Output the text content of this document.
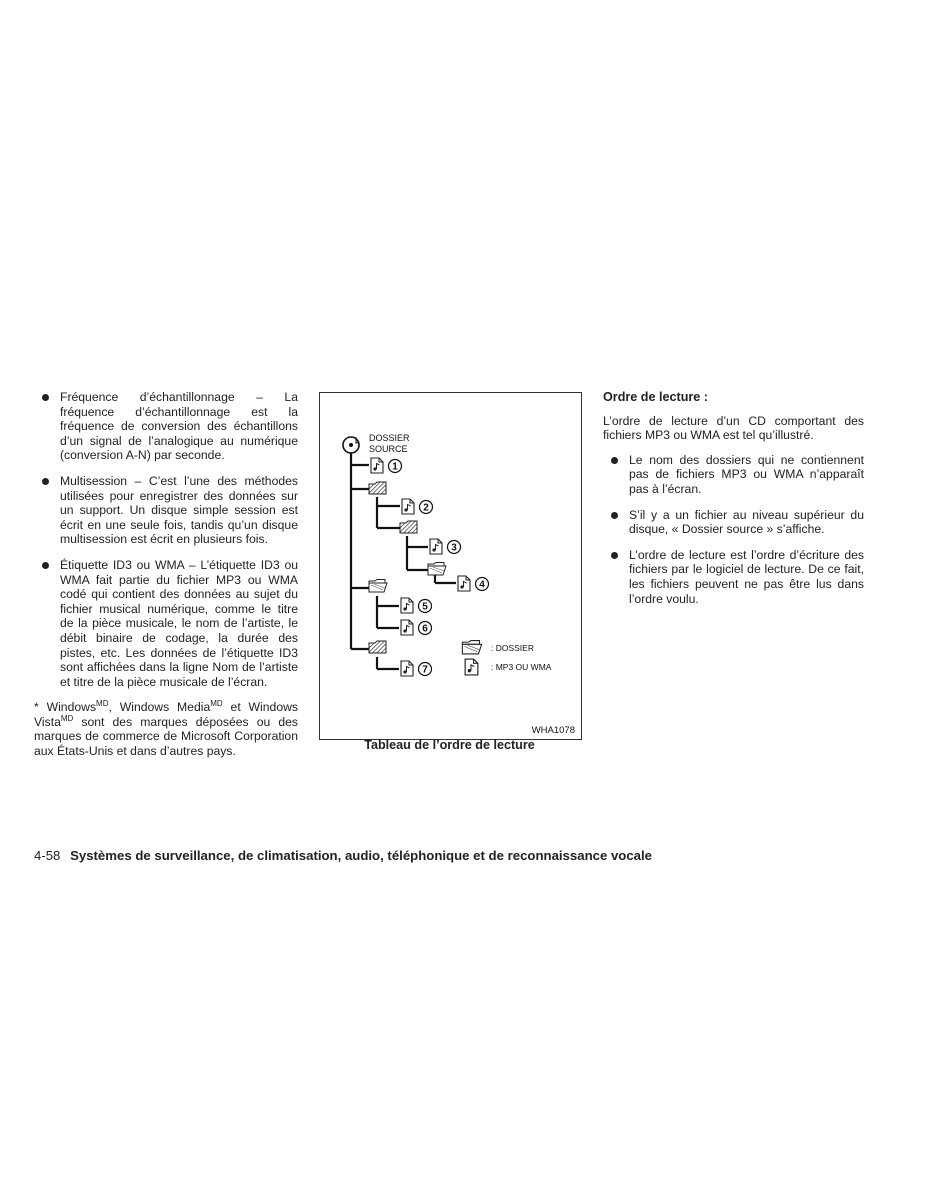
Fréquence d’échantillonnage – La fréquence d’échantillonnage est la fréquence de conversion des échantillons d’un signal de l’analogique au numérique (conversion A-N) par seconde.
Multisession – C’est l’une des méthodes utilisées pour enregistrer des données sur un support. Un disque simple session est écrit en une seule fois, tandis qu’un disque multisession est écrit en plusieurs fois.
Étiquette ID3 ou WMA – L’étiquette ID3 ou WMA fait partie du fichier MP3 ou WMA codé qui contient des données au sujet du fichier musical numérique, comme le titre de la pièce musicale, le nom de l’artiste, le débit binaire de codage, la durée des pistes, etc. Les données de l’étiquette ID3 sont affichées dans la ligne Nom de l’artiste et titre de la pièce musicale de l’écran.
* Windows$^{MD}$, Windows Media$^{MD}$ et Windows Vista$^{MD}$ sont des marques déposées ou des marques de commerce de Microsoft Corporation aux États-Unis et dans d’autres pays.
DOSSIER
SOURCE
1
2
3
4
5
6
7
: DOSSIER
: MP3 OU WMA
WHA1078
Tableau de l’ordre de lecture
Ordre de lecture :
L’ordre de lecture d’un CD comportant des fichiers MP3 ou WMA est tel qu’illustré.
Le nom des dossiers qui ne contiennent pas de fichiers MP3 ou WMA n’apparaît pas à l’écran.
S’il y a un fichier au niveau supérieur du disque, « Dossier source » s’affiche.
L’ordre de lecture est l’ordre d’écriture des fichiers par le logiciel de lecture. De ce fait, les fichiers peuvent ne pas être lus dans l’ordre voulu.
4-58 Systèmes de surveillance, de climatisation, audio, téléphonique et de reconnaissance vocale
